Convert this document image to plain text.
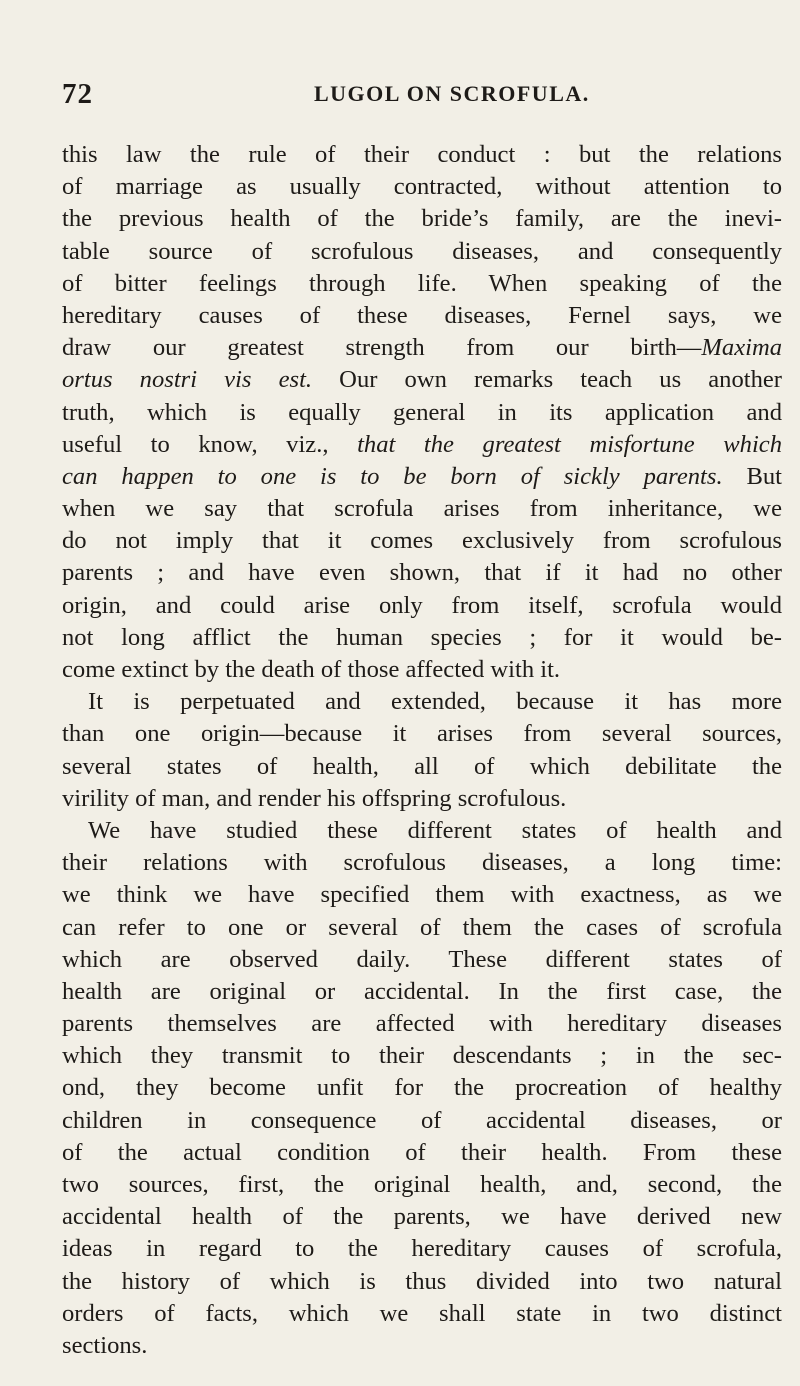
72	LUGOL ON SCROFULA.
this law the rule of their conduct : but the relations
of marriage as usually contracted, without attention to
the previous health of the bride’s family, are the inevi-
table source of scrofulous diseases, and consequently
of bitter feelings through life. When speaking of the
hereditary causes of these diseases, Fernel says, we
draw our greatest strength from our birth—Maxima
ortus nostri vis est. Our own remarks teach us another
truth, which is equally general in its application and
useful to know, viz., that the greatest misfortune which
can happen to one is to be born of sickly parents. But
when we say that scrofula arises from inheritance, we
do not imply that it comes exclusively from scrofulous
parents ; and have even shown, that if it had no other
origin, and could arise only from itself, scrofula would
not long afflict the human species ; for it would be-
come extinct by the death of those affected with it.
It is perpetuated and extended, because it has more
than one origin—because it arises from several sources,
several states of health, all of which debilitate the
virility of man, and render his offspring scrofulous.
We have studied these different states of health and
their relations with scrofulous diseases, a long time:
we think we have specified them with exactness, as we
can refer to one or several of them the cases of scrofula
which are observed daily. These different states of
health are original or accidental. In the first case, the
parents themselves are affected with hereditary diseases
which they transmit to their descendants ; in the sec-
ond, they become unfit for the procreation of healthy
children in consequence of accidental diseases, or
of the actual condition of their health. From these
two sources, first, the original health, and, second, the
accidental health of the parents, we have derived new
ideas in regard to the hereditary causes of scrofula,
the history of which is thus divided into two natural
orders of facts, which we shall state in two distinct
sections.
